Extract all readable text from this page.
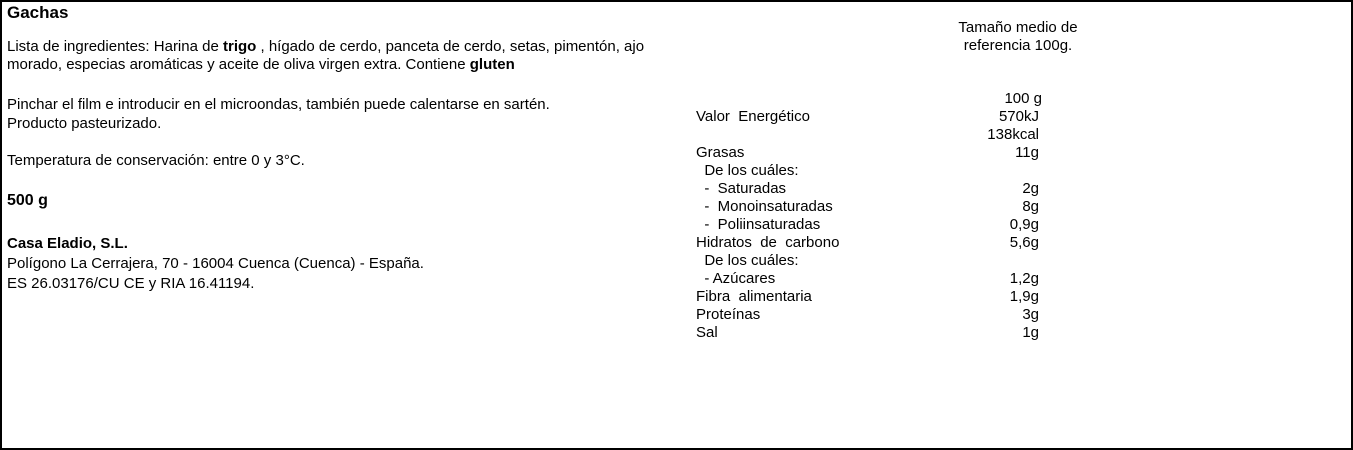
Gachas
Lista de ingredientes: Harina de trigo , hígado de cerdo, panceta de cerdo, setas, pimentón, ajo
morado, especias aromáticas y aceite de oliva virgen extra. Contiene gluten
Pinchar el film e introducir en el microondas, también puede calentarse en sartén.
Producto pasteurizado.
Temperatura de conservación: entre 0 y 3°C.
500 g
Casa Eladio, S.L.
Polígono La Cerrajera, 70 - 16004 Cuenca (Cuenca) - España.
ES 26.03176/CU CE y RIA 16.41194.
Tamaño medio de
referencia 100g.
100 g
Valor  Energético	570kJ
138kcal
Grasas	11g
De los cuáles:
-  Saturadas	2g
-  Monoinsaturadas	8g
-  Poliinsaturadas	0,9g
Hidratos  de  carbono	5,6g
De los cuáles:
- Azúcares	1,2g
Fibra  alimentaria	1,9g
Proteínas	3g
Sal	1g
